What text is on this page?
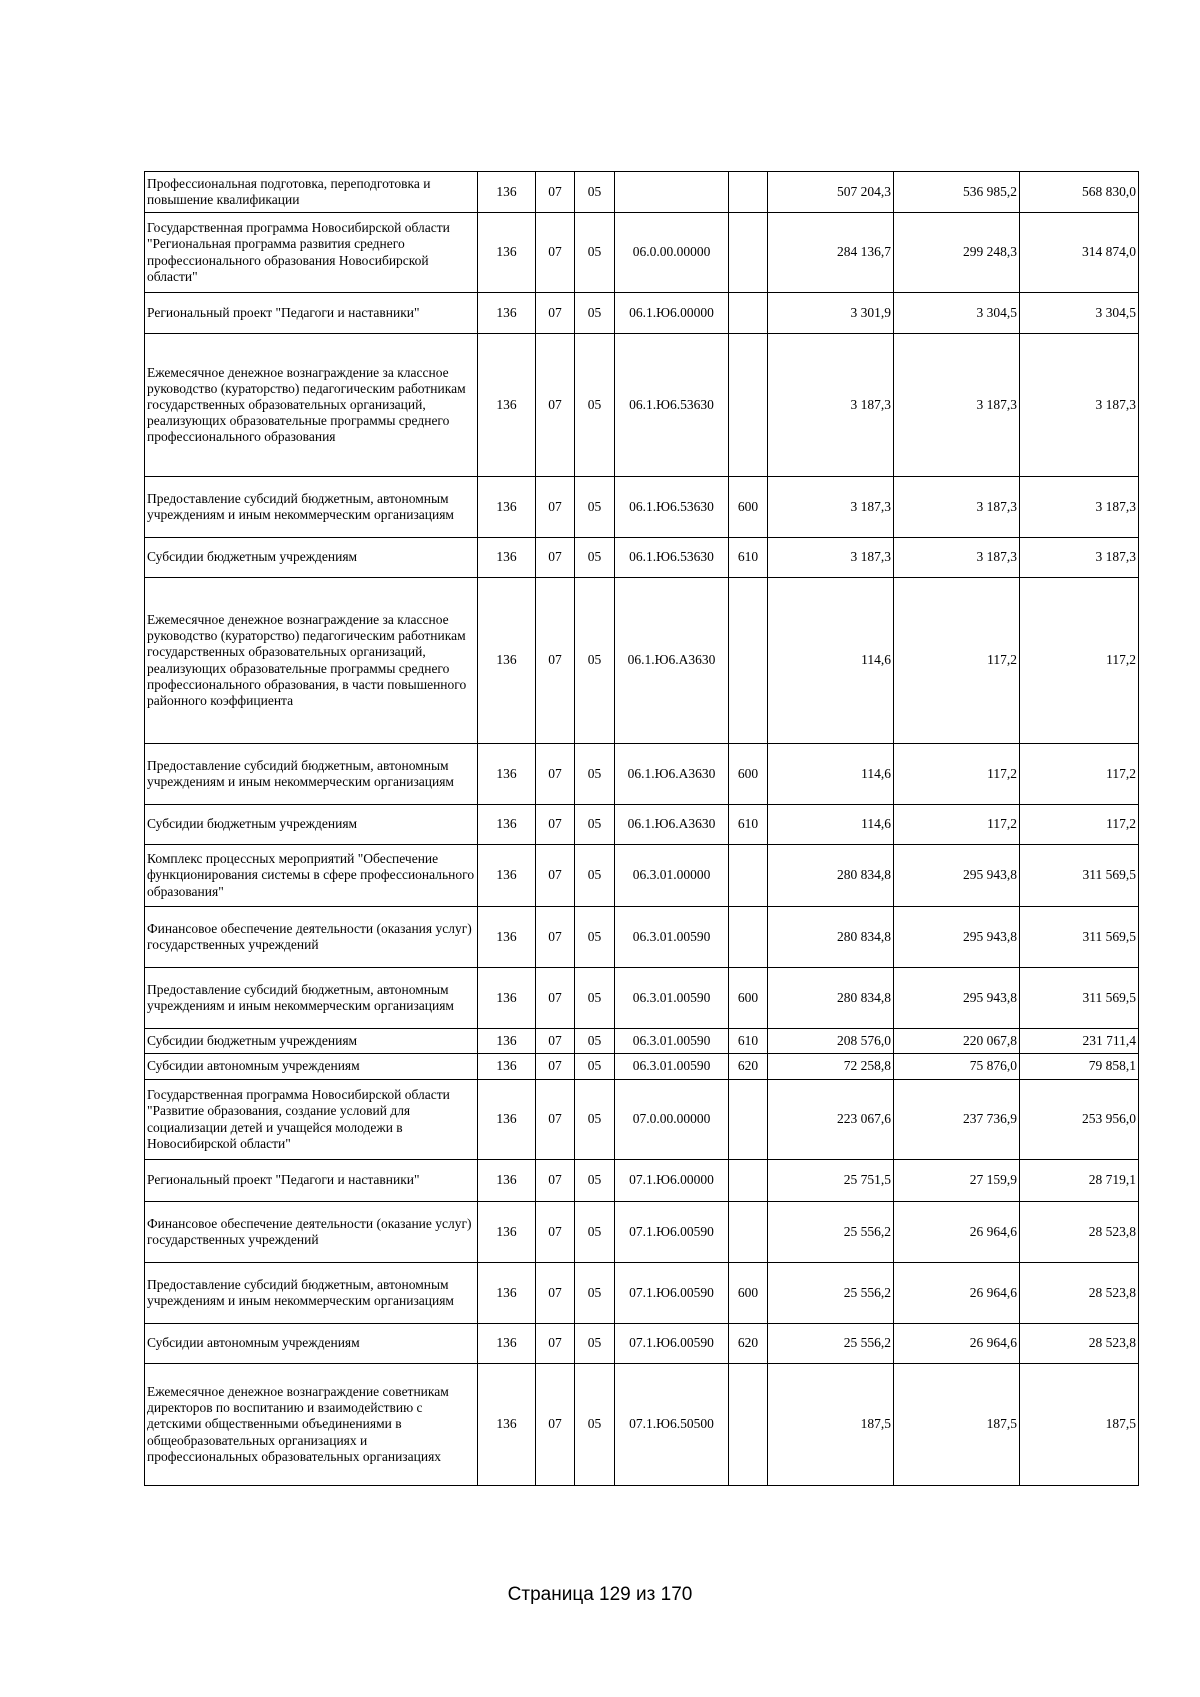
Профессиональная подготовка, переподготовка и повышение квалификации	136	07	05			507 204,3	536 985,2	568 830,0
Государственная программа Новосибирской области "Региональная программа развития среднего профессионального образования Новосибирской области"	136	07	05	06.0.00.00000		284 136,7	299 248,3	314 874,0
Региональный проект "Педагоги и наставники"	136	07	05	06.1.Ю6.00000		3 301,9	3 304,5	3 304,5
Ежемесячное денежное вознаграждение за классное руководство (кураторство) педагогическим работникам государственных образовательных организаций, реализующих образовательные программы среднего профессионального образования	136	07	05	06.1.Ю6.53630		3 187,3	3 187,3	3 187,3
Предоставление субсидий бюджетным, автономным учреждениям и иным некоммерческим организациям	136	07	05	06.1.Ю6.53630	600	3 187,3	3 187,3	3 187,3
Субсидии бюджетным учреждениям	136	07	05	06.1.Ю6.53630	610	3 187,3	3 187,3	3 187,3
Ежемесячное денежное вознаграждение за классное руководство (кураторство) педагогическим работникам государственных образовательных организаций, реализующих образовательные программы среднего профессионального образования, в части повышенного районного коэффициента	136	07	05	06.1.Ю6.А3630		114,6	117,2	117,2
Предоставление субсидий бюджетным, автономным учреждениям и иным некоммерческим организациям	136	07	05	06.1.Ю6.А3630	600	114,6	117,2	117,2
Субсидии бюджетным учреждениям	136	07	05	06.1.Ю6.А3630	610	114,6	117,2	117,2
Комплекс процессных мероприятий "Обеспечение функционирования системы в сфере профессионального образования"	136	07	05	06.3.01.00000		280 834,8	295 943,8	311 569,5
Финансовое обеспечение деятельности (оказания услуг) государственных учреждений	136	07	05	06.3.01.00590		280 834,8	295 943,8	311 569,5
Предоставление субсидий бюджетным, автономным учреждениям и иным некоммерческим организациям	136	07	05	06.3.01.00590	600	280 834,8	295 943,8	311 569,5
Субсидии бюджетным учреждениям	136	07	05	06.3.01.00590	610	208 576,0	220 067,8	231 711,4
Субсидии автономным учреждениям	136	07	05	06.3.01.00590	620	72 258,8	75 876,0	79 858,1
Государственная программа Новосибирской области "Развитие образования, создание условий для социализации детей и учащейся молодежи в Новосибирской области"	136	07	05	07.0.00.00000		223 067,6	237 736,9	253 956,0
Региональный проект "Педагоги и наставники"	136	07	05	07.1.Ю6.00000		25 751,5	27 159,9	28 719,1
Финансовое обеспечение деятельности (оказание услуг) государственных учреждений	136	07	05	07.1.Ю6.00590		25 556,2	26 964,6	28 523,8
Предоставление субсидий бюджетным, автономным учреждениям и иным некоммерческим организациям	136	07	05	07.1.Ю6.00590	600	25 556,2	26 964,6	28 523,8
Субсидии автономным учреждениям	136	07	05	07.1.Ю6.00590	620	25 556,2	26 964,6	28 523,8
Ежемесячное денежное вознаграждение советникам директоров по воспитанию и взаимодействию с детскими общественными объединениями в общеобразовательных организациях и профессиональных образовательных организациях	136	07	05	07.1.Ю6.50500		187,5	187,5	187,5
Страница 129 из 170
